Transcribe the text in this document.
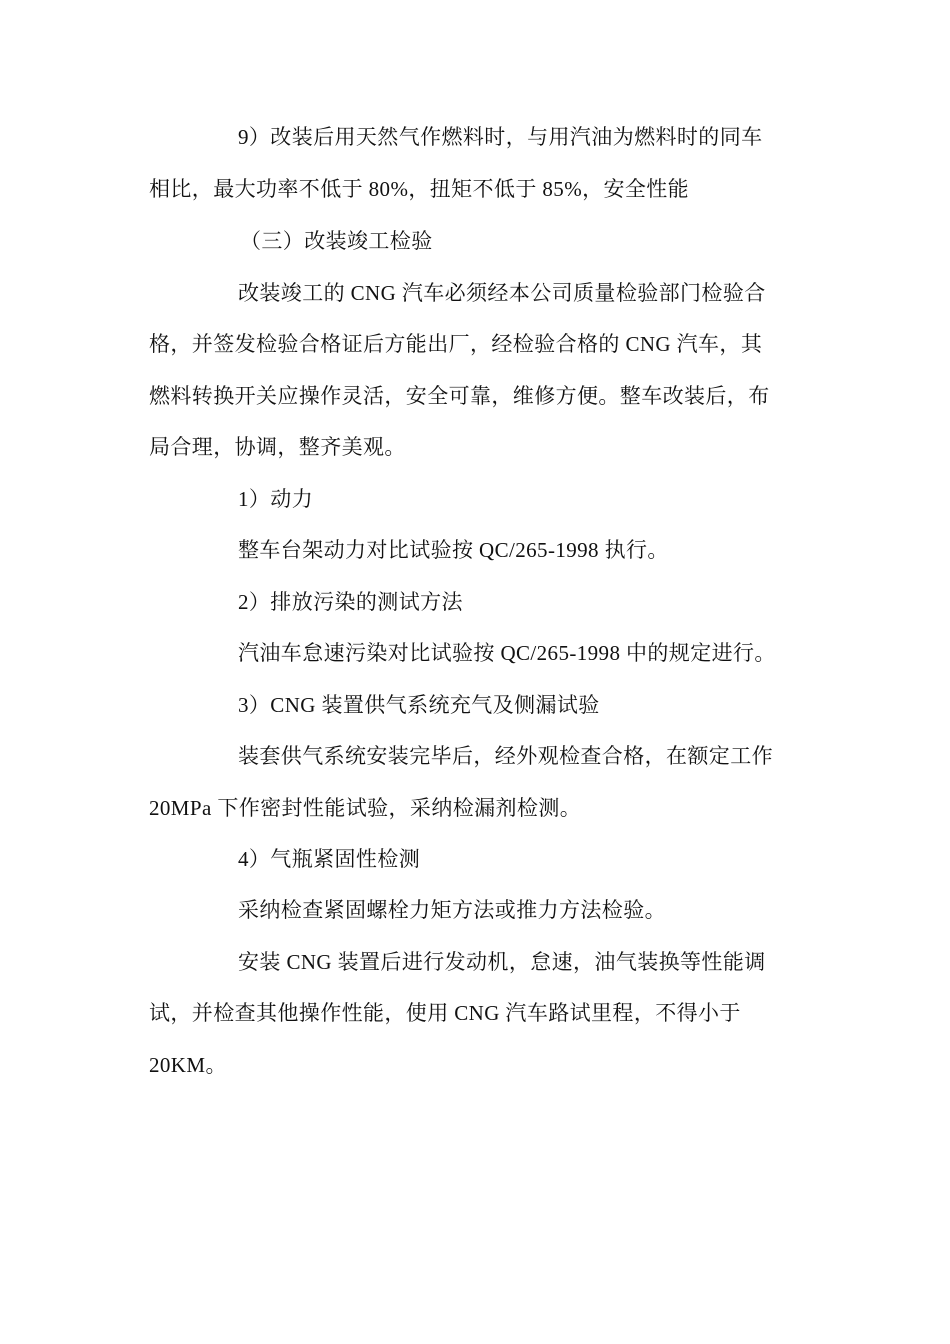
9）改装后用天然气作燃料时，与用汽油为燃料时的同车
相比，最大功率不低于 80%，扭矩不低于 85%，安全性能
（三）改装竣工检验
改装竣工的 CNG 汽车必须经本公司质量检验部门检验合
格，并签发检验合格证后方能出厂，经检验合格的 CNG 汽车，其
燃料转换开关应操作灵活，安全可靠，维修方便。整车改装后，布
局合理，协调，整齐美观。
1）动力
整车台架动力对比试验按 QC/265-1998 执行。
2）排放污染的测试方法
汽油车怠速污染对比试验按 QC/265-1998 中的规定进行。
3）CNG 装置供气系统充气及侧漏试验
装套供气系统安装完毕后，经外观检查合格，在额定工作
20MPa 下作密封性能试验，采纳检漏剂检测。
4）气瓶紧固性检测
采纳检查紧固螺栓力矩方法或推力方法检验。
安装 CNG 装置后进行发动机，怠速，油气装换等性能调
试，并检查其他操作性能，使用 CNG 汽车路试里程，不得小于
20KM。
